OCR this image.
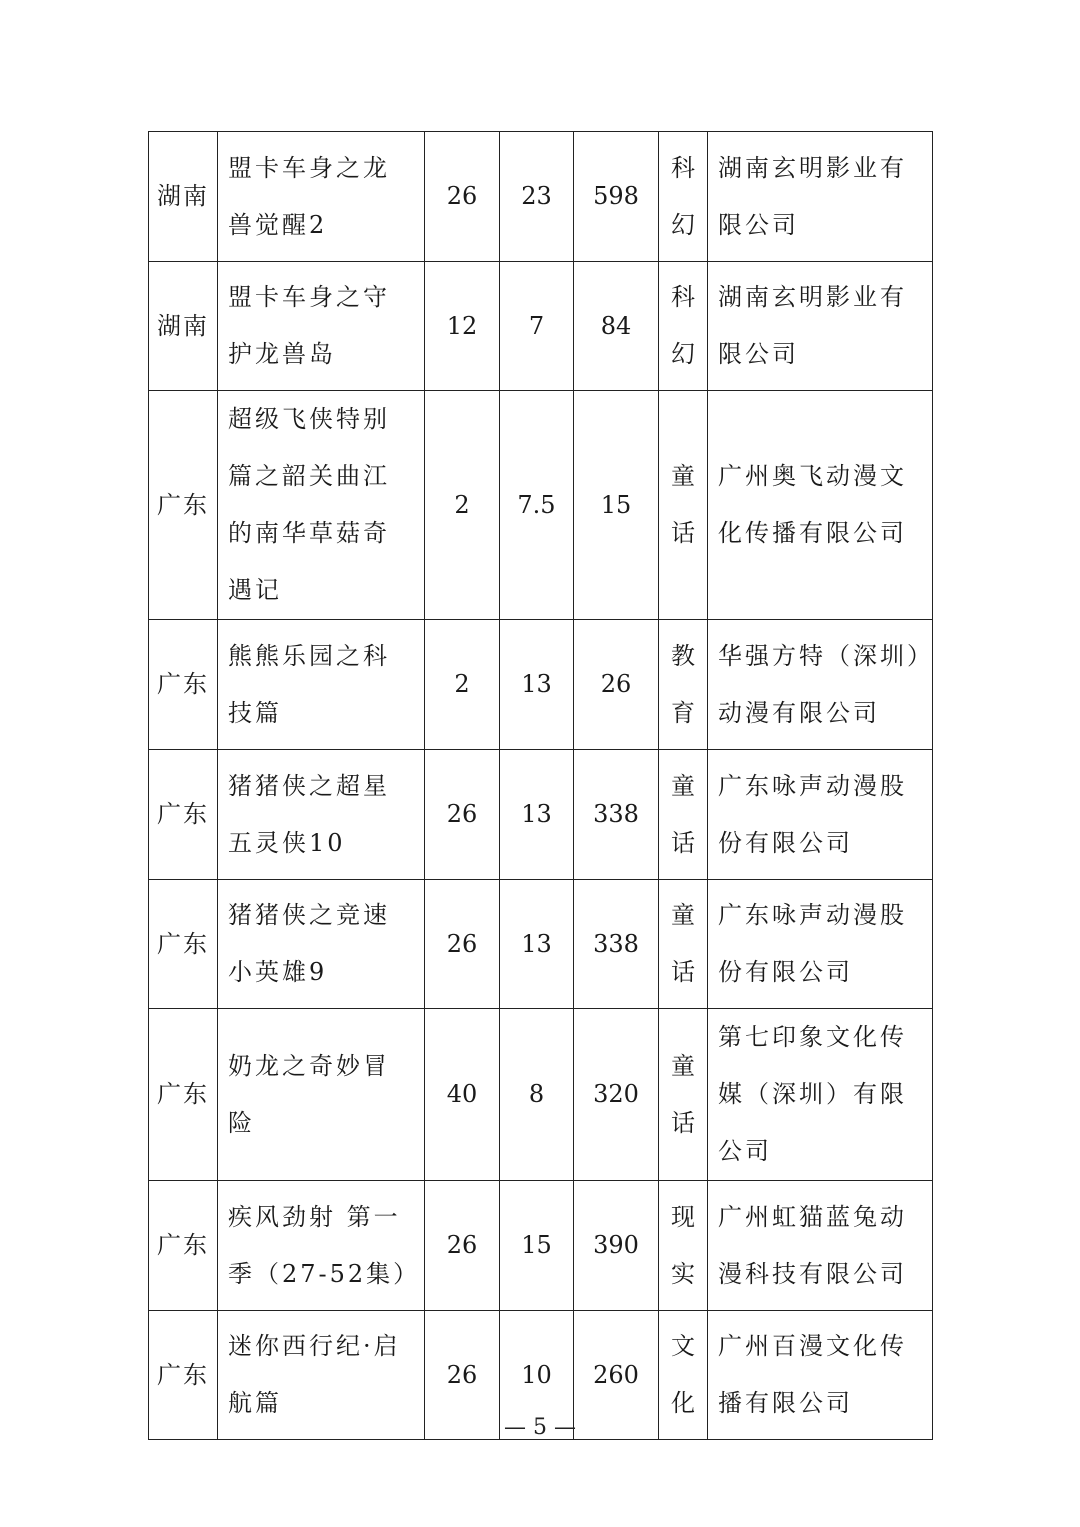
湖南	盟卡车身之龙兽觉醒2	26	23	598	科幻	湖南玄明影业有限公司
湖南	盟卡车身之守护龙兽岛	12	7	84	科幻	湖南玄明影业有限公司
广东	超级飞侠特别篇之韶关曲江的南华草菇奇遇记	2	7.5	15	童话	广州奥飞动漫文化传播有限公司
广东	熊熊乐园之科技篇	2	13	26	教育	华强方特（深圳）动漫有限公司
广东	猪猪侠之超星五灵侠10	26	13	338	童话	广东咏声动漫股份有限公司
广东	猪猪侠之竞速小英雄9	26	13	338	童话	广东咏声动漫股份有限公司
广东	奶龙之奇妙冒险	40	8	320	童话	第七印象文化传媒（深圳）有限公司
广东	疾风劲射 第一季（27-52集）	26	15	390	现实	广州虹猫蓝兔动漫科技有限公司
广东	迷你西行纪·启航篇	26	10	260	文化	广州百漫文化传播有限公司
— 5 —
